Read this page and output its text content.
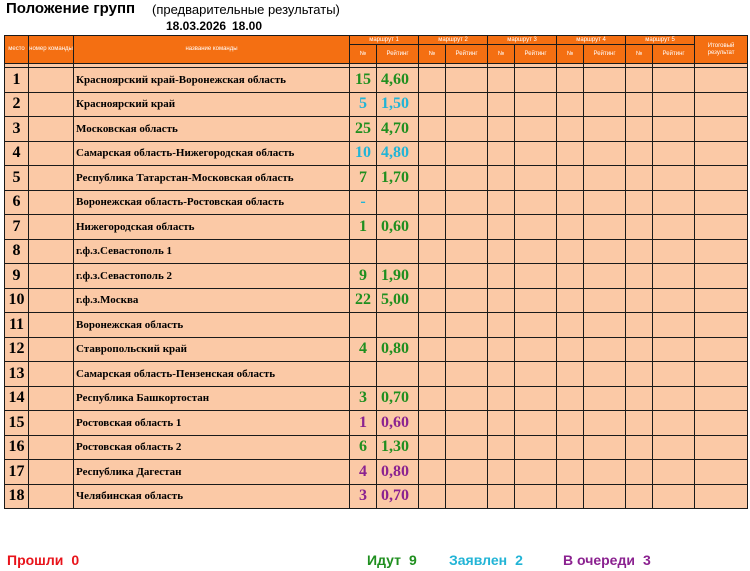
Положение групп (предварительные результаты)
18.03.2026 18.00
место	номер команды	название команды	маршрут 1		маршрут 2		маршрут 3		маршрут 4		маршрут 5		Итоговый результат
			№	Рейтинг	№	Рейтинг	№	Рейтинг	№	Рейтинг	№	Рейтинг	

1		Красноярский край-Воронежская область	15	4,60									
2		Красноярский край	5	1,50									
3		Московская область	25	4,70									
4		Самарская область-Нижегородская область	10	4,80									
5		Республика Татарстан-Московская область	7	1,70									
6		Воронежская область-Ростовская область	-										
7		Нижегородская область	1	0,60									
8		г.ф.з.Севастополь 1											
9		г.ф.з.Севастополь 2	9	1,90									
10		г.ф.з.Москва	22	5,00									
11		Воронежская область											
12		Ставропольский край	4	0,80									
13		Самарская область-Пензенская область											
14		Республика Башкортостан	3	0,70									
15		Ростовская область 1	1	0,60									
16		Ростовская область 2	6	1,30									
17		Республика Дагестан	4	0,80									
18		Челябинская область	3	0,70									
Прошли 0	Идут 9 Заявлен 2	В очереди 3
